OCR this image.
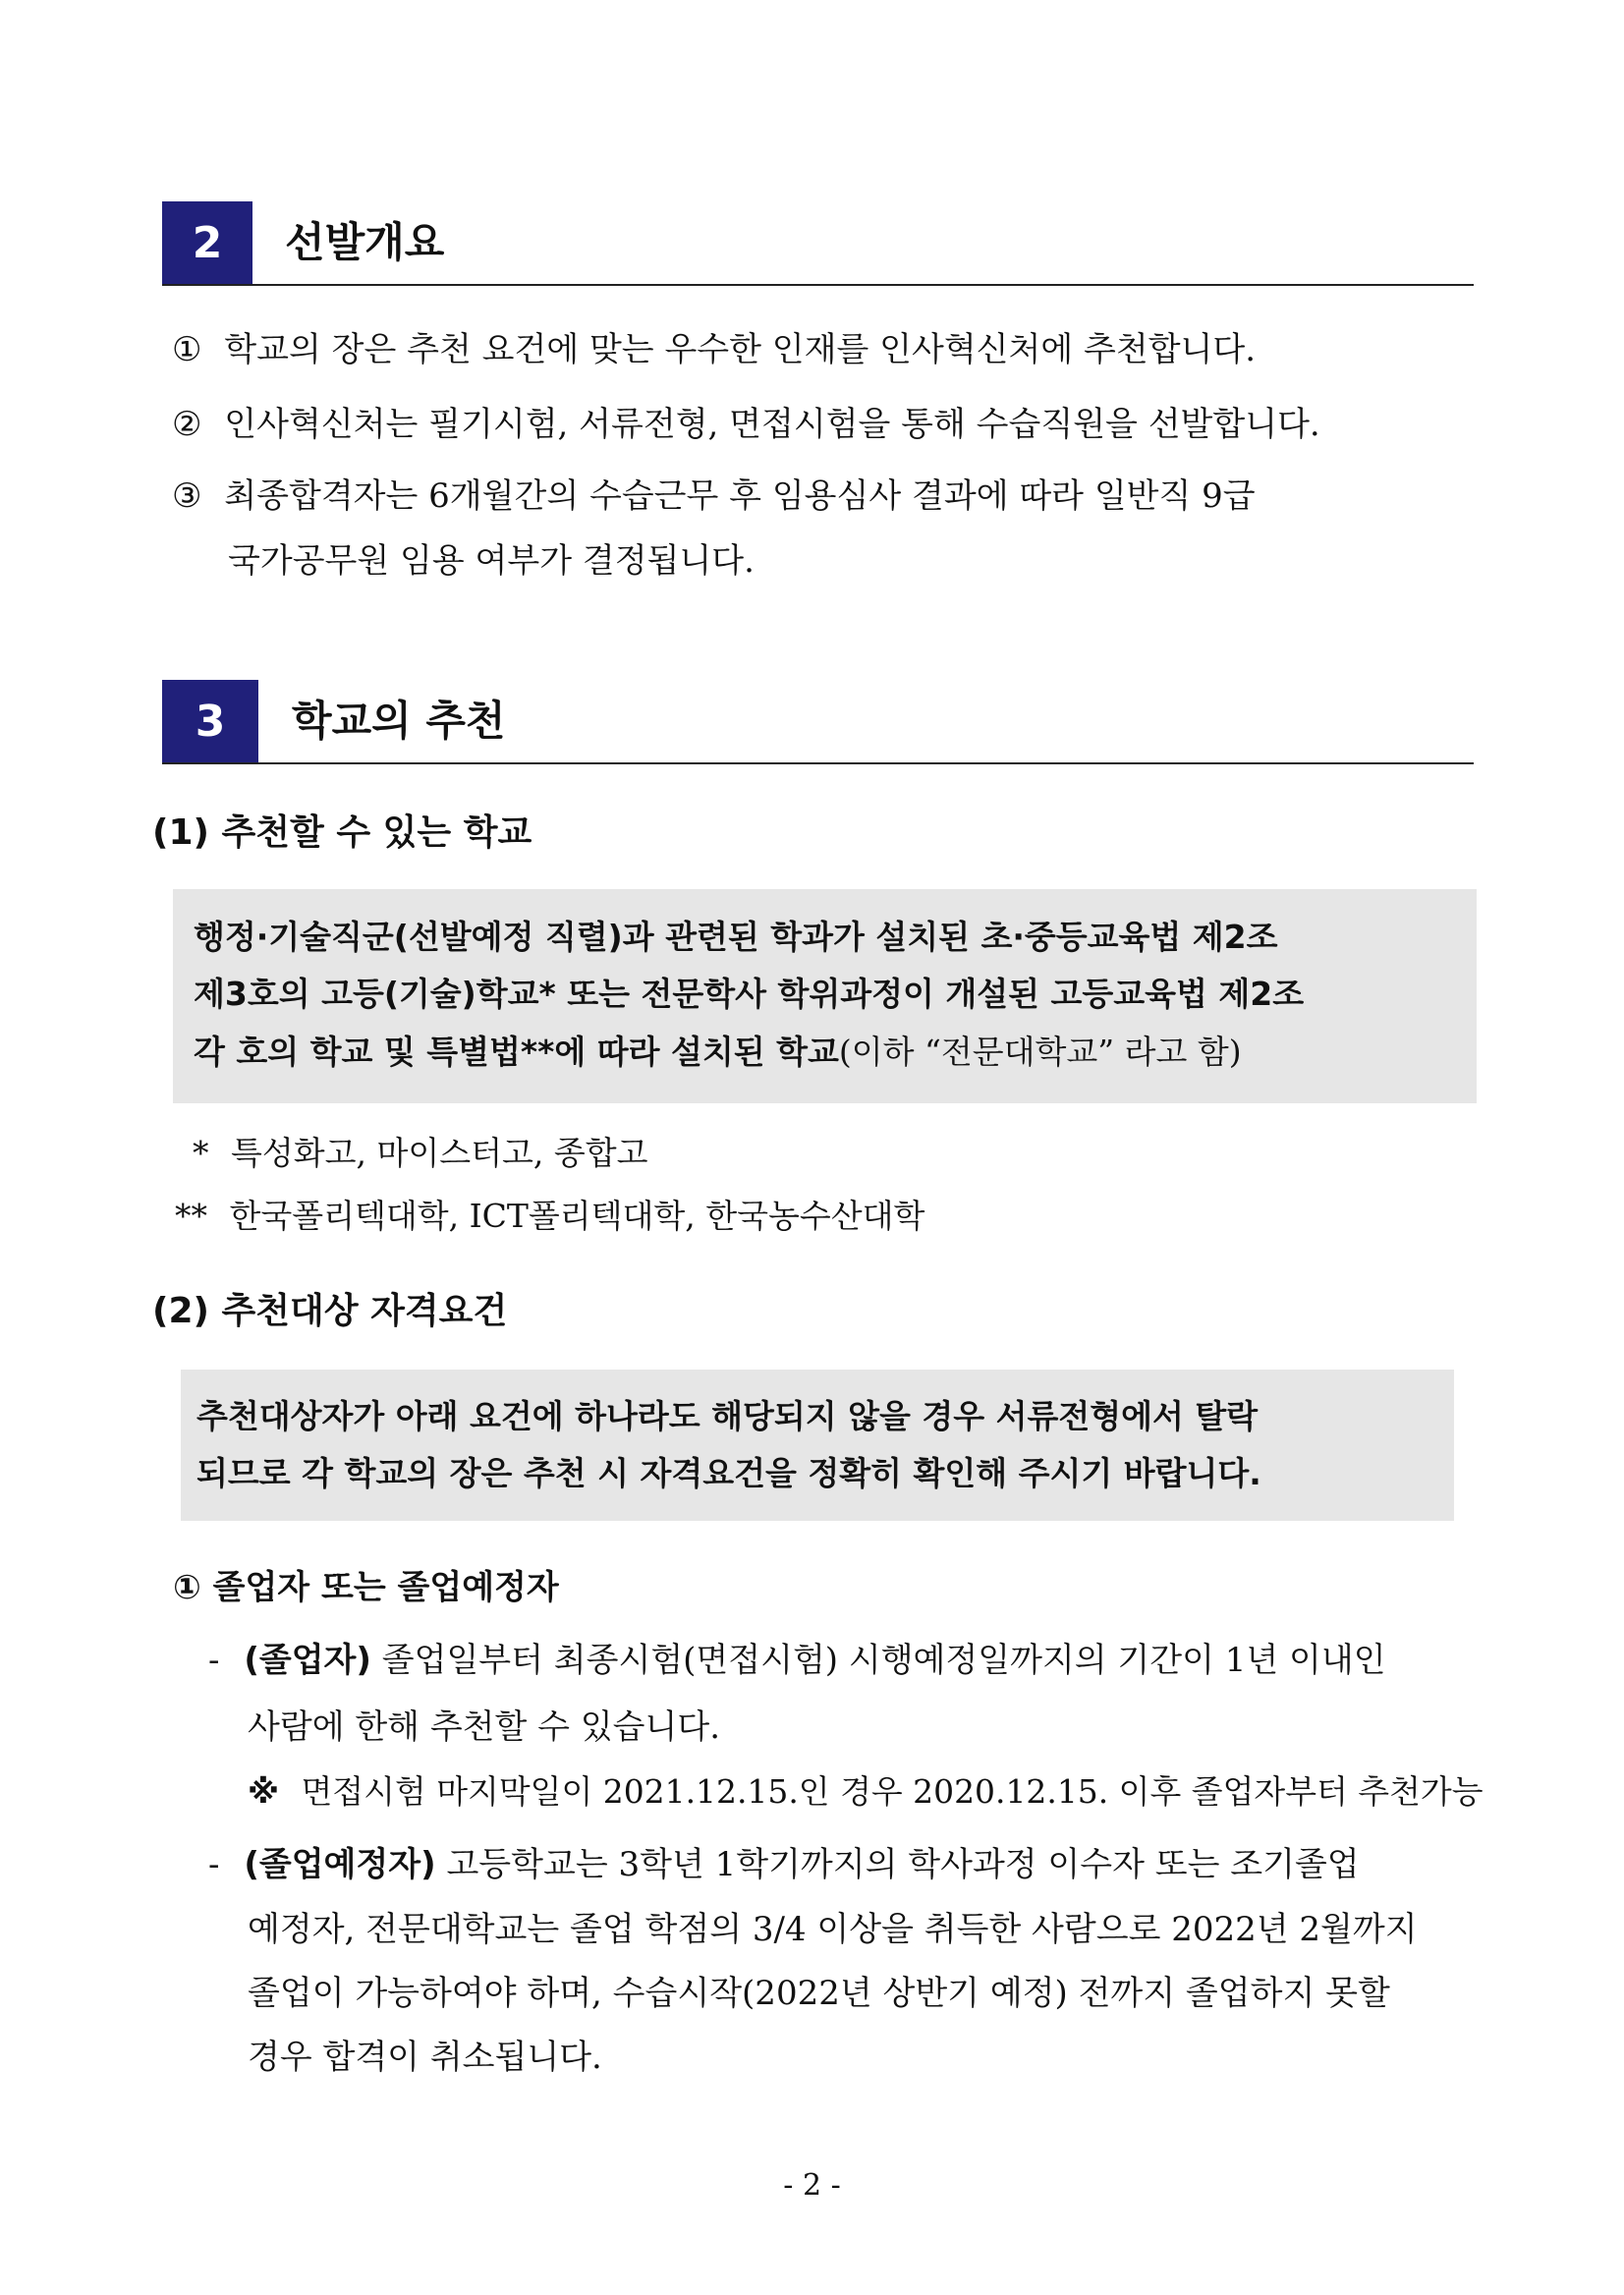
2	선발개요
① 학교의 장은 추천 요건에 맞는 우수한 인재를 인사혁신처에 추천합니다.
② 인사혁신처는 필기시험, 서류전형, 면접시험을 통해 수습직원을 선발합니다.
③ 최종합격자는 6개월간의 수습근무 후 임용심사 결과에 따라 일반직 9급
국가공무원 임용 여부가 결정됩니다.
3	학교의 추천
(1) 추천할 수 있는 학교
행정·기술직군(선발예정 직렬)과 관련된 학과가 설치된 초·중등교육법 제2조
제3호의 고등(기술)학교* 또는 전문학사 학위과정이 개설된 고등교육법 제2조
각 호의 학교 및 특별법**에 따라 설치된 학교(이하 “전문대학교” 라고 함)
* 특성화고, 마이스터고, 종합고
** 한국폴리텍대학, ICT폴리텍대학, 한국농수산대학
(2) 추천대상 자격요건
추천대상자가 아래 요건에 하나라도 해당되지 않을 경우 서류전형에서 탈락
되므로 각 학교의 장은 추천 시 자격요건을 정확히 확인해 주시기 바랍니다.
① 졸업자 또는 졸업예정자
- (졸업자) 졸업일부터 최종시험(면접시험) 시행예정일까지의 기간이 1년 이내인
사람에 한해 추천할 수 있습니다.
※ 면접시험 마지막일이 2021.12.15.인 경우 2020.12.15. 이후 졸업자부터 추천가능
- (졸업예정자) 고등학교는 3학년 1학기까지의 학사과정 이수자 또는 조기졸업
예정자, 전문대학교는 졸업 학점의 3/4 이상을 취득한 사람으로 2022년 2월까지
졸업이 가능하여야 하며, 수습시작(2022년 상반기 예정) 전까지 졸업하지 못할
경우 합격이 취소됩니다.
- 2 -
